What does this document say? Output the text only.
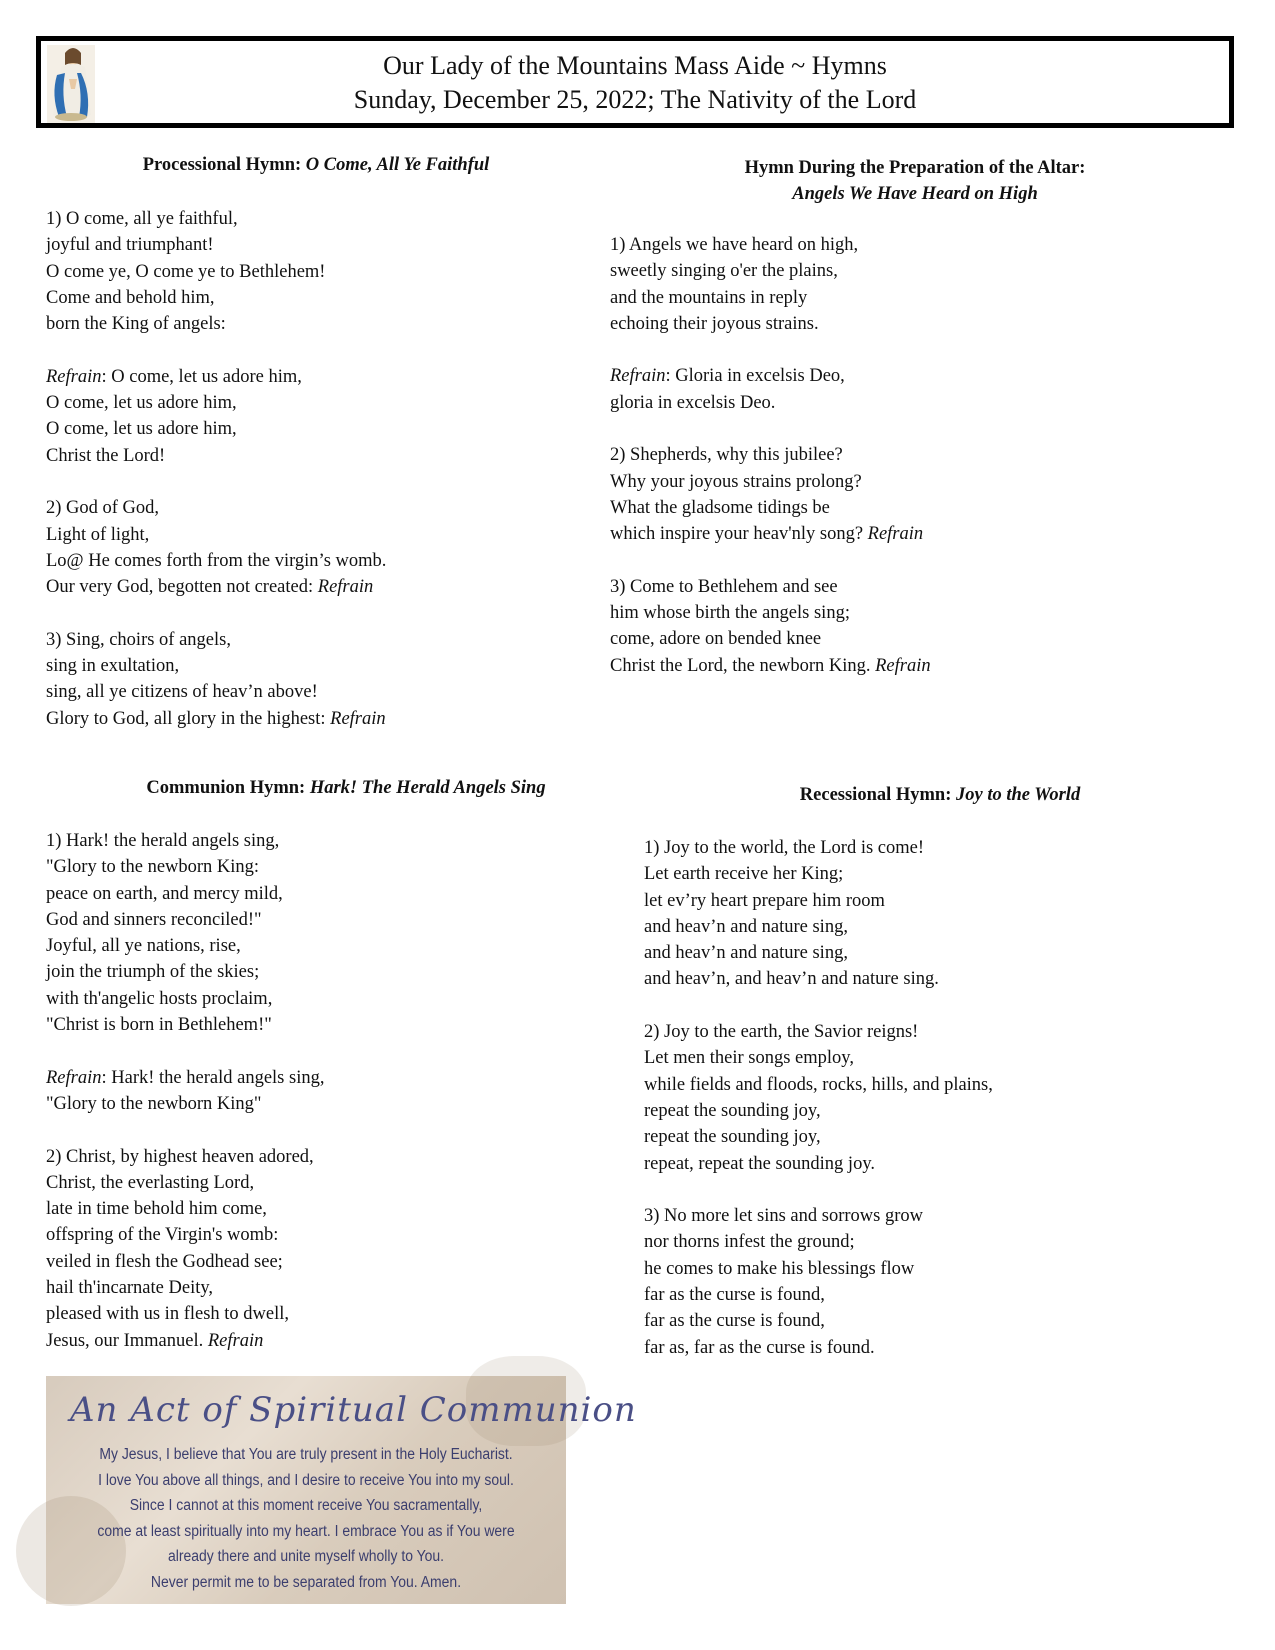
Our Lady of the Mountains Mass Aide ~ Hymns
Sunday, December 25, 2022; The Nativity of the Lord
Processional Hymn: O Come, All Ye Faithful
1) O come, all ye faithful,
joyful and triumphant!
O come ye, O come ye to Bethlehem!
Come and behold him,
born the King of angels:
Refrain: O come, let us adore him,
O come, let us adore him,
O come, let us adore him,
Christ the Lord!
2) God of God,
Light of light,
Lo@ He comes forth from the virgin’s womb.
Our very God, begotten not created: Refrain
3) Sing, choirs of angels,
sing in exultation,
sing, all ye citizens of heav’n above!
Glory to God, all glory in the highest: Refrain
Hymn During the Preparation of the Altar:
Angels We Have Heard on High
1) Angels we have heard on high,
sweetly singing o'er the plains,
and the mountains in reply
echoing their joyous strains.
Refrain: Gloria in excelsis Deo,
gloria in excelsis Deo.
2) Shepherds, why this jubilee?
Why your joyous strains prolong?
What the gladsome tidings be
which inspire your heav'nly song? Refrain
3) Come to Bethlehem and see
him whose birth the angels sing;
come, adore on bended knee
Christ the Lord, the newborn King. Refrain
Communion Hymn: Hark! The Herald Angels Sing
1) Hark! the herald angels sing,
"Glory to the newborn King:
peace on earth, and mercy mild,
God and sinners reconciled!"
Joyful, all ye nations, rise,
join the triumph of the skies;
with th'angelic hosts proclaim,
"Christ is born in Bethlehem!"
Refrain: Hark! the herald angels sing,
"Glory to the newborn King"
2) Christ, by highest heaven adored,
Christ, the everlasting Lord,
late in time behold him come,
offspring of the Virgin's womb:
veiled in flesh the Godhead see;
hail th'incarnate Deity,
pleased with us in flesh to dwell,
Jesus, our Immanuel. Refrain
Recessional Hymn: Joy to the World
1) Joy to the world, the Lord is come!
Let earth receive her King;
let ev’ry heart prepare him room
and heav’n and nature sing,
and heav’n and nature sing,
and heav’n, and heav’n and nature sing.
2) Joy to the earth, the Savior reigns!
Let men their songs employ,
while fields and floods, rocks, hills, and plains,
repeat the sounding joy,
repeat the sounding joy,
repeat, repeat the sounding joy.
3) No more let sins and sorrows grow
nor thorns infest the ground;
he comes to make his blessings flow
far as the curse is found,
far as the curse is found,
far as, far as the curse is found.
An Act of Spiritual Communion
My Jesus, I believe that You are truly present in the Holy Eucharist.
I love You above all things, and I desire to receive You into my soul.
Since I cannot at this moment receive You sacramentally,
come at least spiritually into my heart. I embrace You as if You were
already there and unite myself wholly to You.
Never permit me to be separated from You. Amen.
